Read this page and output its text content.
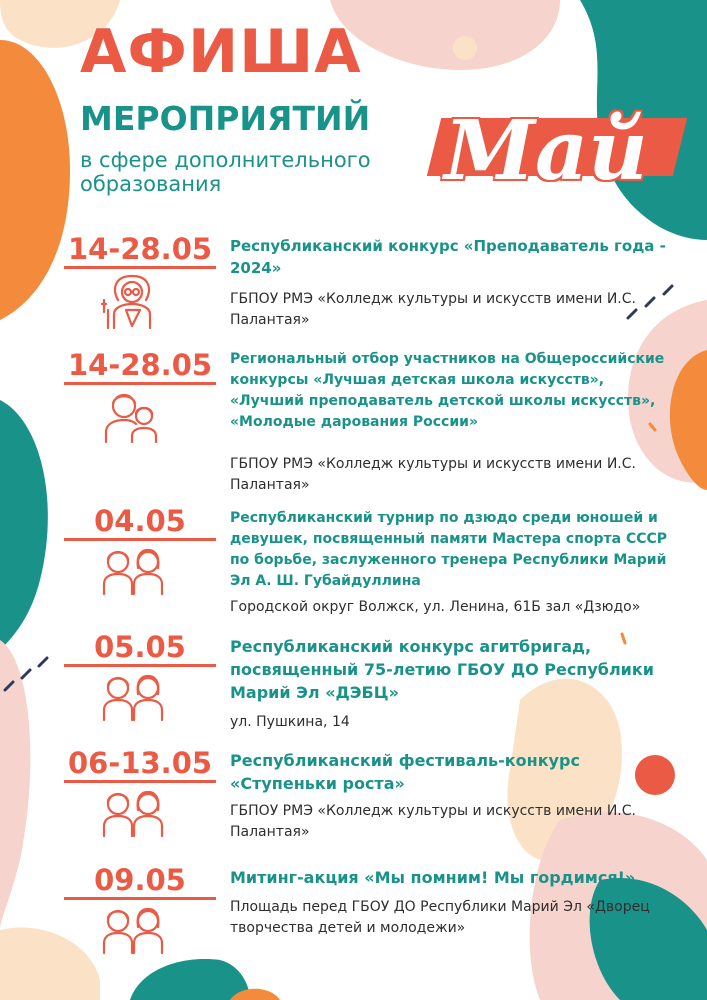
АФИША
МЕРОПРИЯТИЙ

в сфере дополнительного образования	Май
14-28.05	Республиканский конкурс «Преподаватель года - 2024»

ГБПОУ РМЭ «Колледж культуры и искусств имени И.С. Палантая»

14-28.05	Региональный отбор участников на Общероссийские конкурсы «Лучшая детская школа искусств», «Лучший преподаватель детской школы искусств», «Молодые дарования России»

ГБПОУ РМЭ «Колледж культуры и искусств имени И.С. Палантая»

04.05	Республиканский турнир по дзюдо среди юношей и девушек, посвященный памяти Мастера спорта СССР по борьбе, заслуженного тренера Республики Марий Эл А. Ш. Губайдуллина

Городской округ Волжск, ул. Ленина, 61Б зал «Дзюдо»

05.05	Республиканский конкурс агитбригад, посвященный 75-летию ГБОУ ДО Республики Марий Эл «ДЭБЦ»

ул. Пушкина, 14

06-13.05	Республиканский фестиваль-конкурс «Ступеньки роста»

ГБПОУ РМЭ «Колледж культуры и искусств имени И.С. Палантая»

09.05	Митинг-акция «Мы помним! Мы гордимся!»

Площадь перед ГБОУ ДО Республики Марий Эл «Дворец творчества детей и молодежи»
